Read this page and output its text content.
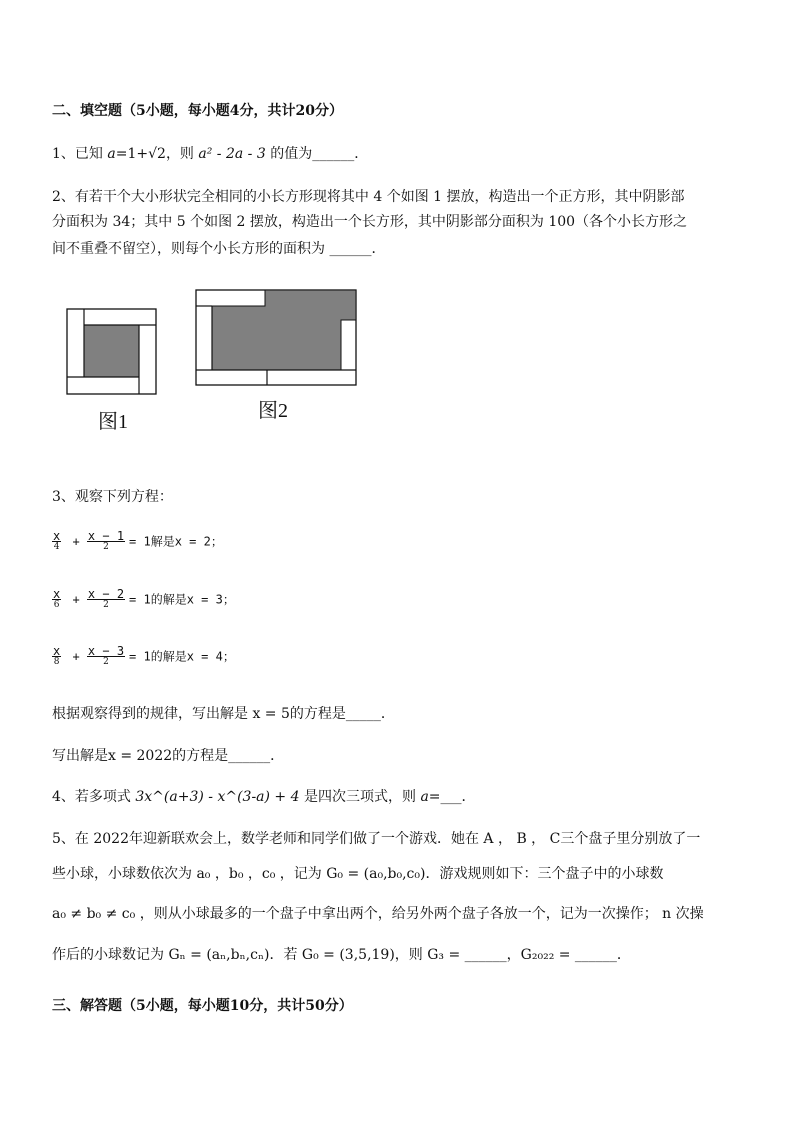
二、填空题（5小题，每小题4分，共计20分）
1、已知 a=1+√2，则 a² - 2a - 3 的值为______．
2、有若干个大小形状完全相同的小长方形现将其中 4 个如图 1 摆放，构造出一个正方形，其中阴影部
分面积为 34；其中 5 个如图 2 摆放，构造出一个长方形，其中阴影部分面积为 100（各个小长方形之
间不重叠不留空），则每个小长方形的面积为 ______．
图1	图2
3、观察下列方程：
$\frac{x}{4} + \frac{x - 1}{2} = 1$解是x = 2；
$\frac{x}{6} + \frac{x - 2}{2} = 1$的解是x = 3；
$\frac{x}{8} + \frac{x - 3}{2} = 1$的解是x = 4；
根据观察得到的规律，写出解是 x = 5的方程是_____．
写出解是x = 2022的方程是______．
4、若多项式 3x^(a+3) - x^(3-a) + 4 是四次三项式，则 a=___．
5、在 2022年迎新联欢会上，数学老师和同学们做了一个游戏．她在 A ， B ， C三个盘子里分别放了一
些小球，小球数依次为 a₀ ，b₀ ，c₀ ，记为 G₀ = (a₀,b₀,c₀)．游戏规则如下：三个盘子中的小球数
a₀ ≠ b₀ ≠ c₀ ，则从小球最多的一个盘子中拿出两个，给另外两个盘子各放一个，记为一次操作； n 次操
作后的小球数记为 Gₙ = (aₙ,bₙ,cₙ)．若 G₀ = (3,5,19)，则 G₃ = ______，G₂₀₂₂ = ______．
三、解答题（5小题，每小题10分，共计50分）
